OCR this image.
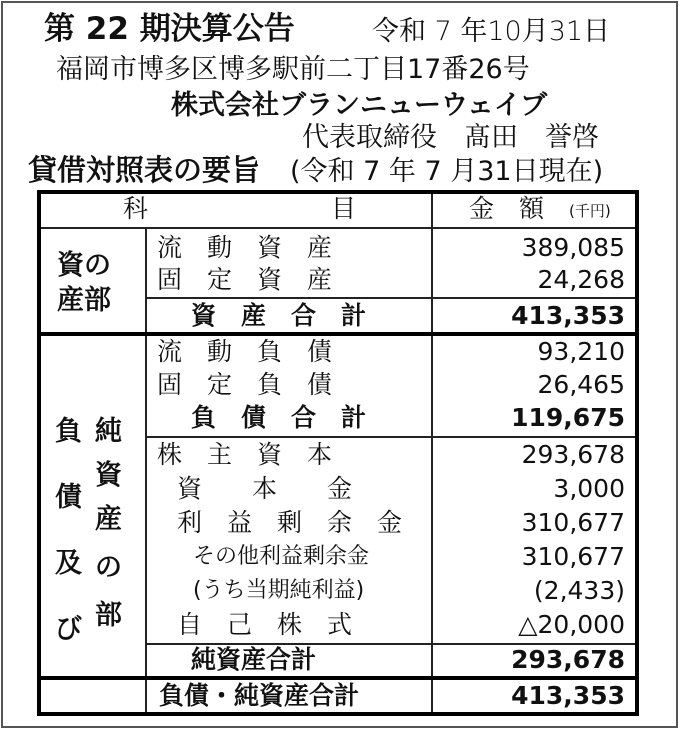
第 22 期決算公告	令和 7 年10月31日
福岡市博多区博多駅前二丁目17番26号
株式会社ブランニューウェイブ
代表取締役　髙田　誉啓
貸借対照表の要旨 (令和 7 年 7 月31日現在)
科	目	金　額 (千円)
資の
産部
流　動　資　産	389,085
固　定　資　産	24,268
資　産　合　計	413,353
負
債
及
び
純
資
産
の
部
流　動　負　債	93,210
固　定　負　債	26,465
負　債　合　計	119,675
株　主　資　本	293,678
資　　本　　金	3,000
利　益　剰　余　金	310,677
その他利益剰余金	310,677
(うち当期純利益)	(2,433)
自　己　株　式	△20,000
純資産合計	293,678
負債・純資産合計	413,353
